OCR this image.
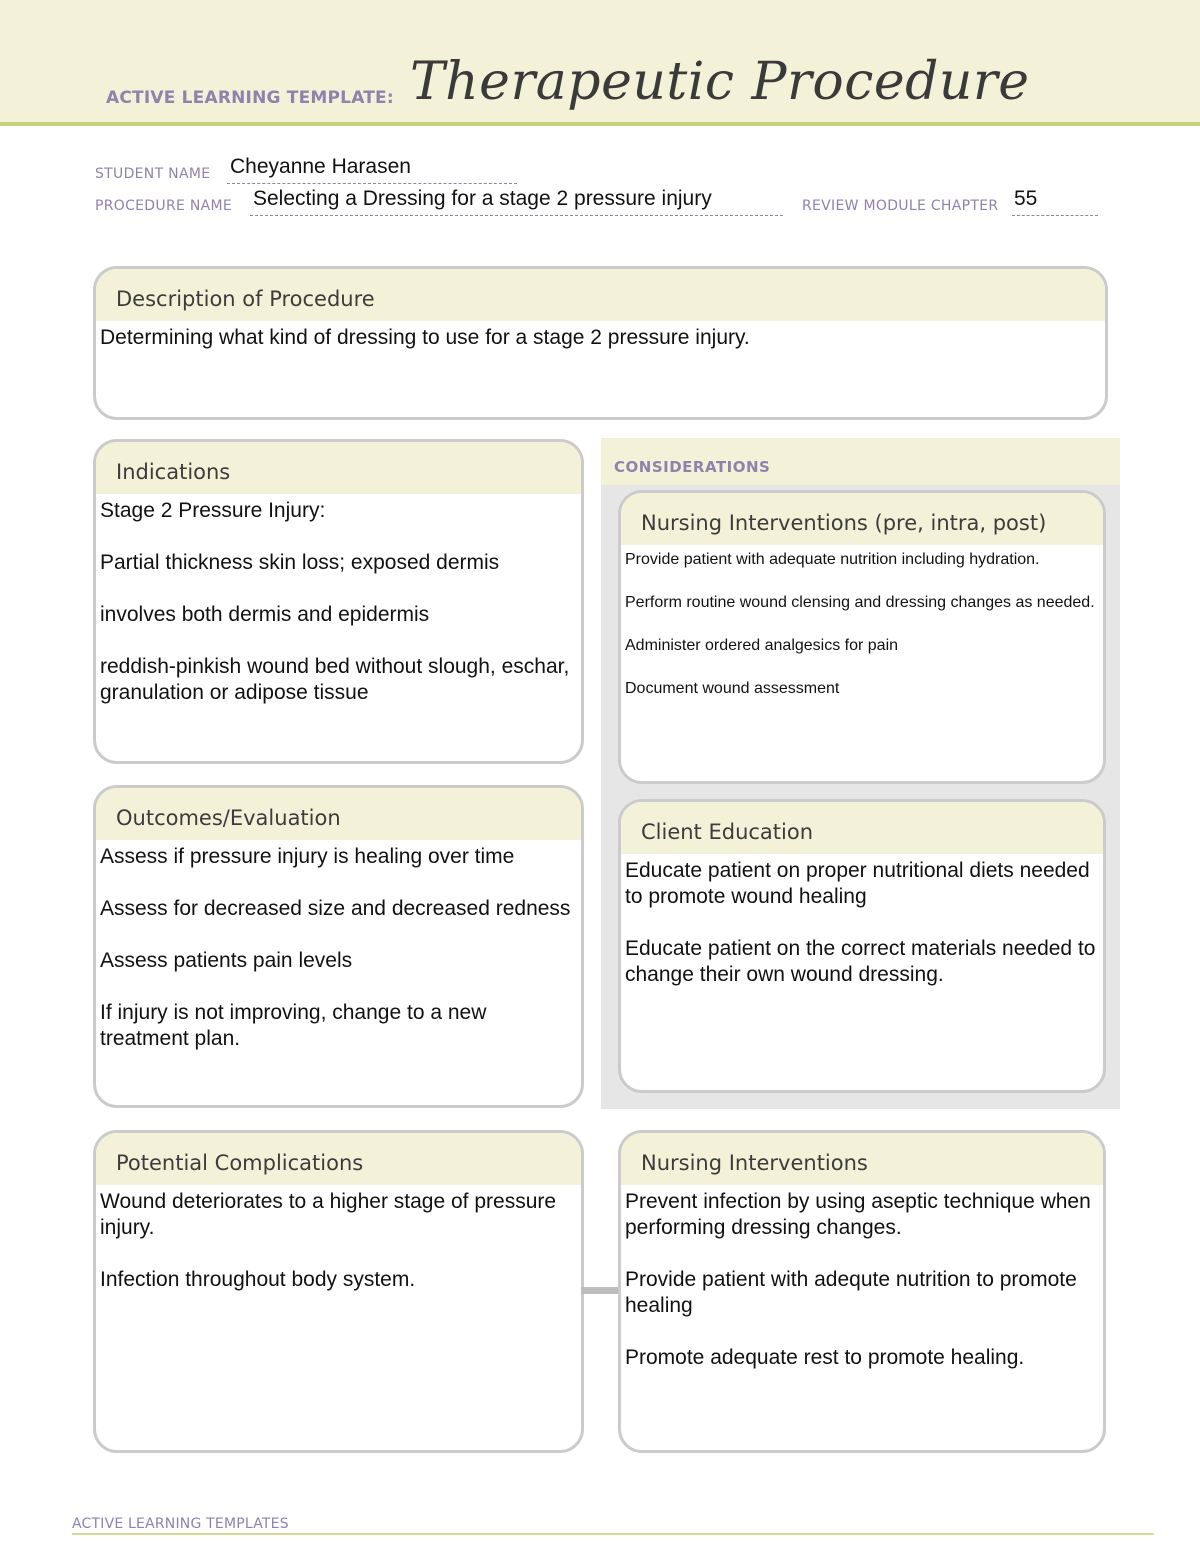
ACTIVE LEARNING TEMPLATE: Therapeutic Procedure
STUDENT NAME Cheyanne Harasen
PROCEDURE NAME Selecting a Dressing for a stage 2 pressure injury	REVIEW MODULE CHAPTER 55
Description of Procedure

Determining what kind of dressing to use for a stage 2 pressure injury.

Indications

Stage 2 Pressure Injury:

Partial thickness skin loss; exposed dermis

involves both dermis and epidermis

reddish-pinkish wound bed without slough, eschar, granulation or adipose tissue

Outcomes/Evaluation

Assess if pressure injury is healing over time

Assess for decreased size and decreased redness

Assess patients pain levels

If injury is not improving, change to a new treatment plan.

CONSIDERATIONS
Nursing Interventions (pre, intra, post)

Provide patient with adequate nutrition including hydration.

Perform routine wound clensing and dressing changes as needed.

Administer ordered analgesics for pain

Document wound assessment

Client Education

Educate patient on proper nutritional diets needed to promote wound healing

Educate patient on the correct materials needed to change their own wound dressing.

Potential Complications

Wound deteriorates to a higher stage of pressure injury.

Infection throughout body system.

Nursing Interventions

Prevent infection by using aseptic technique when performing dressing changes.

Provide patient with adequte nutrition to promote healing

Promote adequate rest to promote healing.

ACTIVE LEARNING TEMPLATES
